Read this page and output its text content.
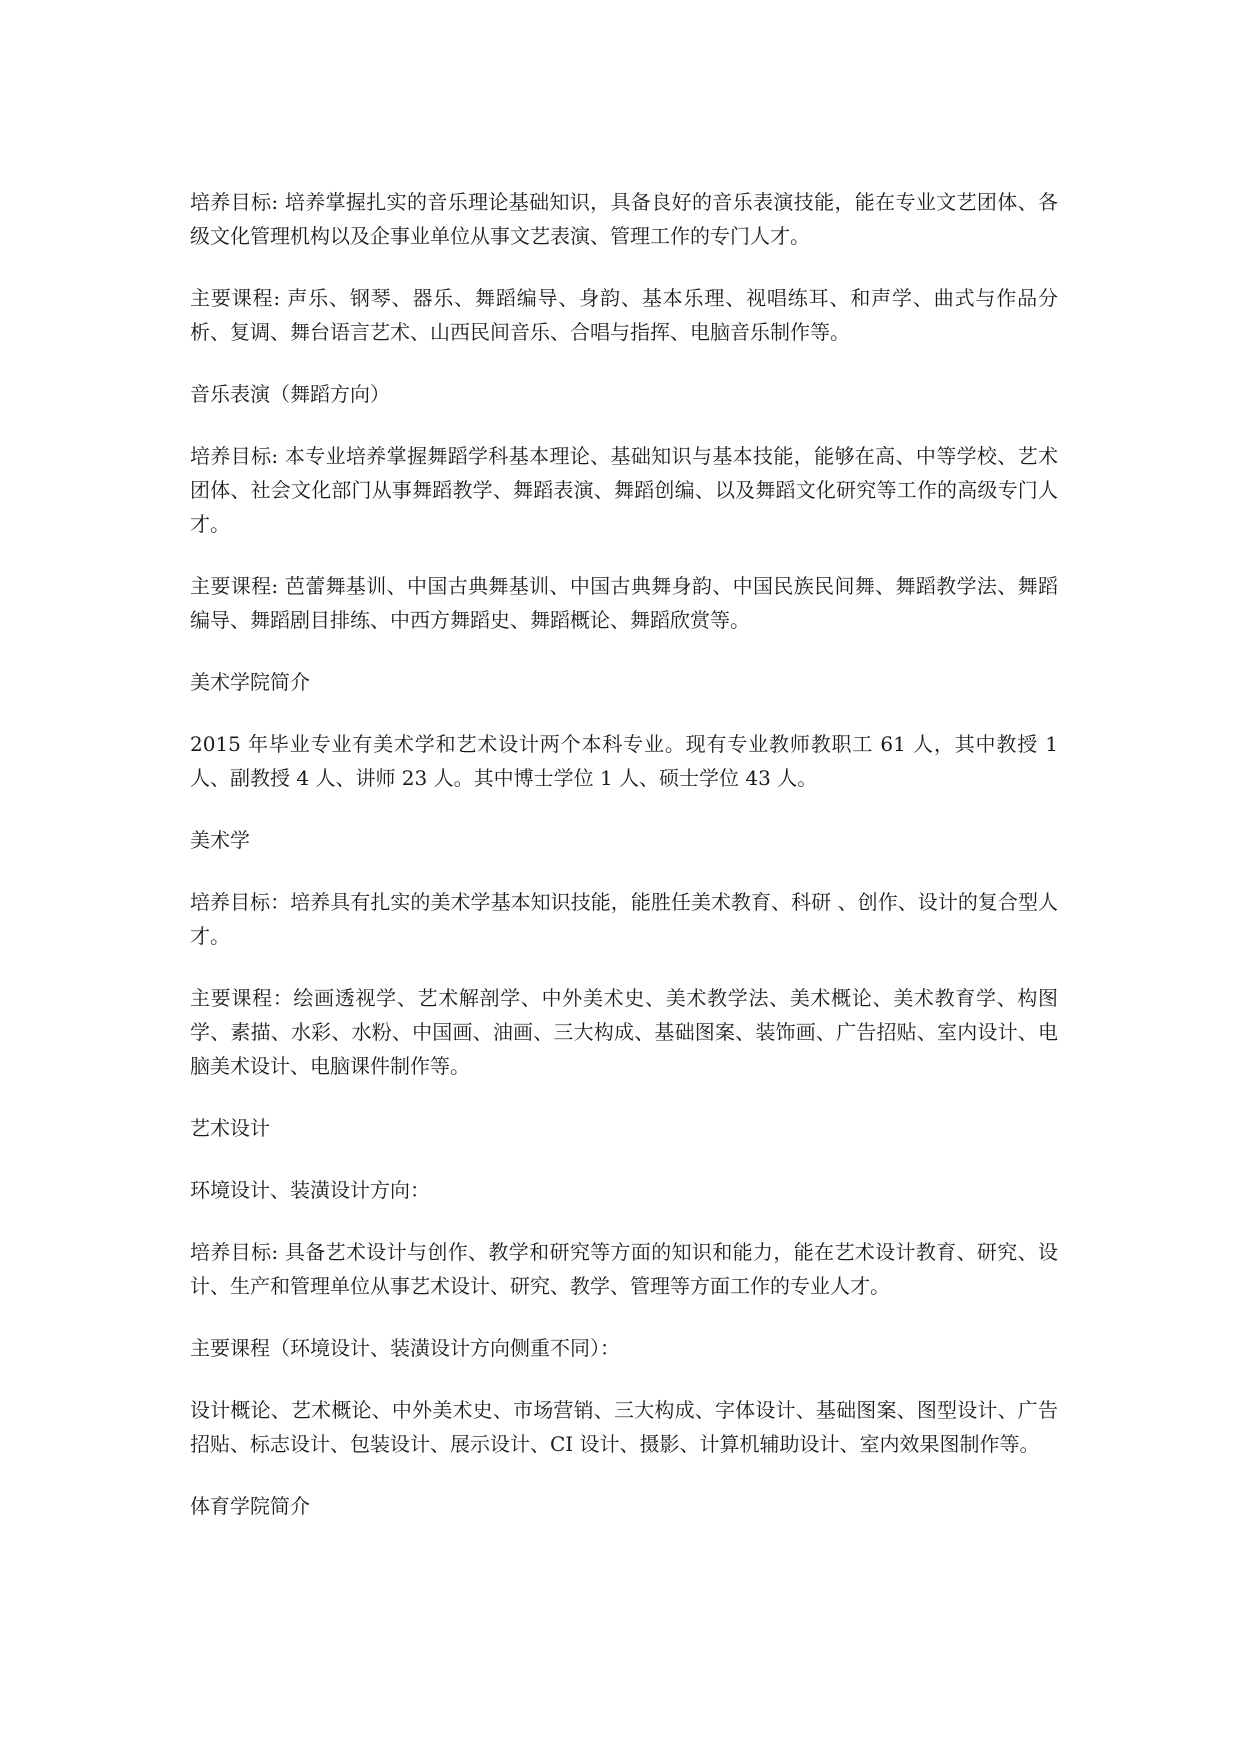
培养目标: 培养掌握扎实的音乐理论基础知识，具备良好的音乐表演技能，能在专业文艺团体、各级文化管理机构以及企事业单位从事文艺表演、管理工作的专门人才。

主要课程: 声乐、钢琴、器乐、舞蹈编导、身韵、基本乐理、视唱练耳、和声学、曲式与作品分析、复调、舞台语言艺术、山西民间音乐、合唱与指挥、电脑音乐制作等。

音乐表演（舞蹈方向）

培养目标: 本专业培养掌握舞蹈学科基本理论、基础知识与基本技能，能够在高、中等学校、艺术团体、社会文化部门从事舞蹈教学、舞蹈表演、舞蹈创编、以及舞蹈文化研究等工作的高级专门人才。

主要课程: 芭蕾舞基训、中国古典舞基训、中国古典舞身韵、中国民族民间舞、舞蹈教学法、舞蹈编导、舞蹈剧目排练、中西方舞蹈史、舞蹈概论、舞蹈欣赏等。

美术学院简介

2015 年毕业专业有美术学和艺术设计两个本科专业。现有专业教师教职工 61 人，其中教授 1 人、副教授 4 人、讲师 23 人。其中博士学位 1 人、硕士学位 43 人。

美术学

培养目标：培养具有扎实的美术学基本知识技能，能胜任美术教育、科研 、创作、设计的复合型人才。

主要课程：绘画透视学、艺术解剖学、中外美术史、美术教学法、美术概论、美术教育学、构图学、素描、水彩、水粉、中国画、油画、三大构成、基础图案、装饰画、广告招贴、室内设计、电脑美术设计、电脑课件制作等。

艺术设计

环境设计、装潢设计方向：

培养目标: 具备艺术设计与创作、教学和研究等方面的知识和能力，能在艺术设计教育、研究、设计、生产和管理单位从事艺术设计、研究、教学、管理等方面工作的专业人才。

主要课程（环境设计、装潢设计方向侧重不同）：

设计概论、艺术概论、中外美术史、市场营销、三大构成、字体设计、基础图案、图型设计、广告招贴、标志设计、包装设计、展示设计、CI 设计、摄影、计算机辅助设计、室内效果图制作等。

体育学院简介
